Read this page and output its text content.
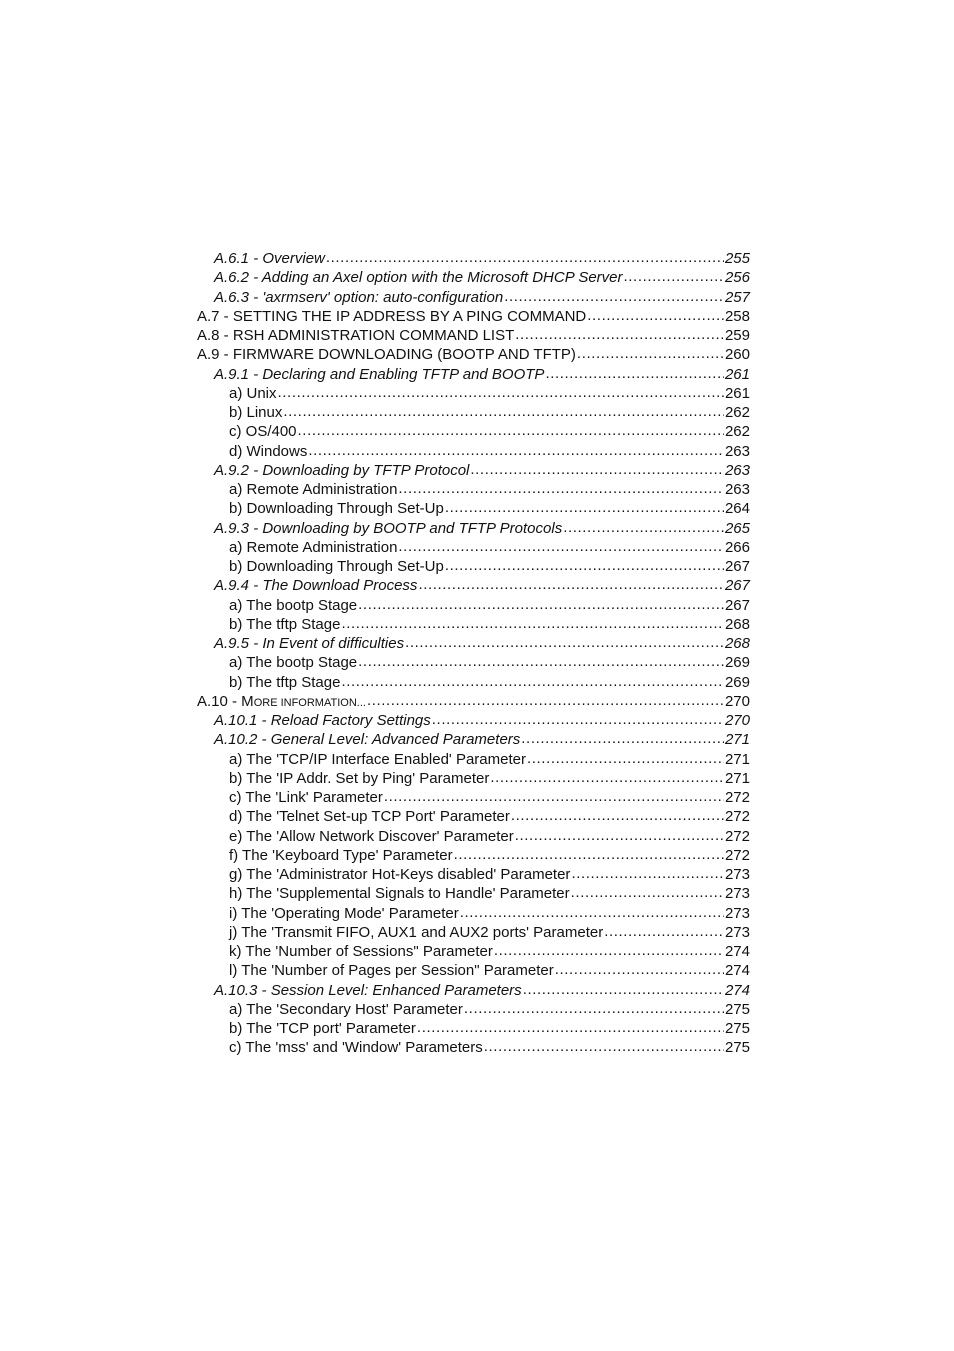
A.6.1 - Overview .....	255
A.6.2 - Adding an Axel option with the Microsoft DHCP Server .....	256
A.6.3 - 'axrmserv' option: auto-configuration .....	257
A.7 - SETTING THE IP ADDRESS BY A PING COMMAND .....	258
A.8 - RSH ADMINISTRATION COMMAND LIST .....	259
A.9 - FIRMWARE DOWNLOADING (BOOTP AND TFTP) .....	260
A.9.1 - Declaring and Enabling TFTP and BOOTP .....	261
a) Unix .....	261
b) Linux .....	262
c) OS/400 .....	262
d) Windows .....	263
A.9.2 - Downloading by TFTP Protocol .....	263
a) Remote Administration .....	263
b) Downloading Through Set-Up .....	264
A.9.3 - Downloading by BOOTP and TFTP Protocols .....	265
a) Remote Administration .....	266
b) Downloading Through Set-Up .....	267
A.9.4 - The Download Process .....	267
a) The bootp Stage .....	267
b) The tftp Stage .....	268
A.9.5 - In Event of difficulties .....	268
a) The bootp Stage .....	269
b) The tftp Stage .....	269
A.10 - MORE INFORMATION... .....	270
A.10.1 - Reload Factory Settings .....	270
A.10.2 - General Level: Advanced Parameters .....	271
a) The 'TCP/IP Interface Enabled' Parameter .....	271
b) The 'IP Addr. Set by Ping' Parameter .....	271
c) The 'Link' Parameter .....	272
d) The 'Telnet Set-up TCP Port' Parameter .....	272
e) The 'Allow Network Discover' Parameter .....	272
f) The 'Keyboard Type' Parameter .....	272
g) The 'Administrator Hot-Keys disabled' Parameter .....	273
h) The 'Supplemental Signals to Handle' Parameter .....	273
i) The 'Operating Mode' Parameter .....	273
j) The 'Transmit FIFO, AUX1 and AUX2 ports' Parameter .....	273
k) The 'Number of Sessions" Parameter .....	274
l) The 'Number of Pages per Session" Parameter .....	274
A.10.3 - Session Level: Enhanced Parameters .....	274
a) The 'Secondary Host' Parameter .....	275
b) The 'TCP port' Parameter .....	275
c) The 'mss' and 'Window' Parameters .....	275
